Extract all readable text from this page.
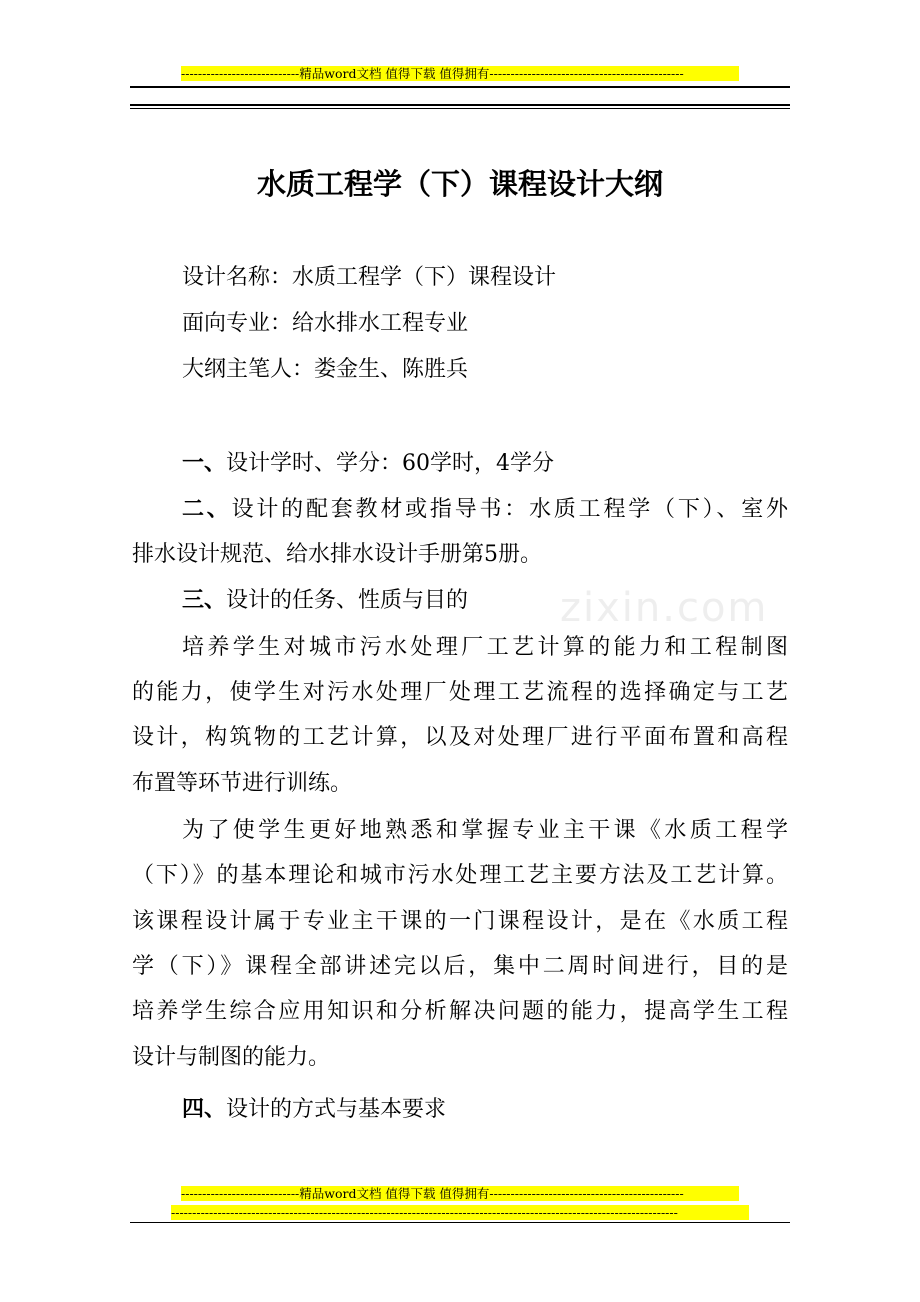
----------------------------精品word文档 值得下载 值得拥有----------------------------------------------
zixin.com
水质工程学（下）课程设计大纲
设计名称：水质工程学（下）课程设计
面向专业：给水排水工程专业
大纲主笔人：娄金生、陈胜兵
一、设计学时、学分：60学时，4学分
二、设计的配套教材或指导书：水质工程学（下）、室外
排水设计规范、给水排水设计手册第5册。
三、设计的任务、性质与目的
培养学生对城市污水处理厂工艺计算的能力和工程制图
的能力，使学生对污水处理厂处理工艺流程的选择确定与工艺
设计，构筑物的工艺计算，以及对处理厂进行平面布置和高程
布置等环节进行训练。
为了使学生更好地熟悉和掌握专业主干课《水质工程学
（下）》的基本理论和城市污水处理工艺主要方法及工艺计算。
该课程设计属于专业主干课的一门课程设计，是在《水质工程
学（下）》课程全部讲述完以后，集中二周时间进行，目的是
培养学生综合应用知识和分析解决问题的能力，提高学生工程
设计与制图的能力。
四、设计的方式与基本要求
----------------------------精品word文档 值得下载 值得拥有----------------------------------------------
------------------------------------------------------------------------------------------------------------------------
